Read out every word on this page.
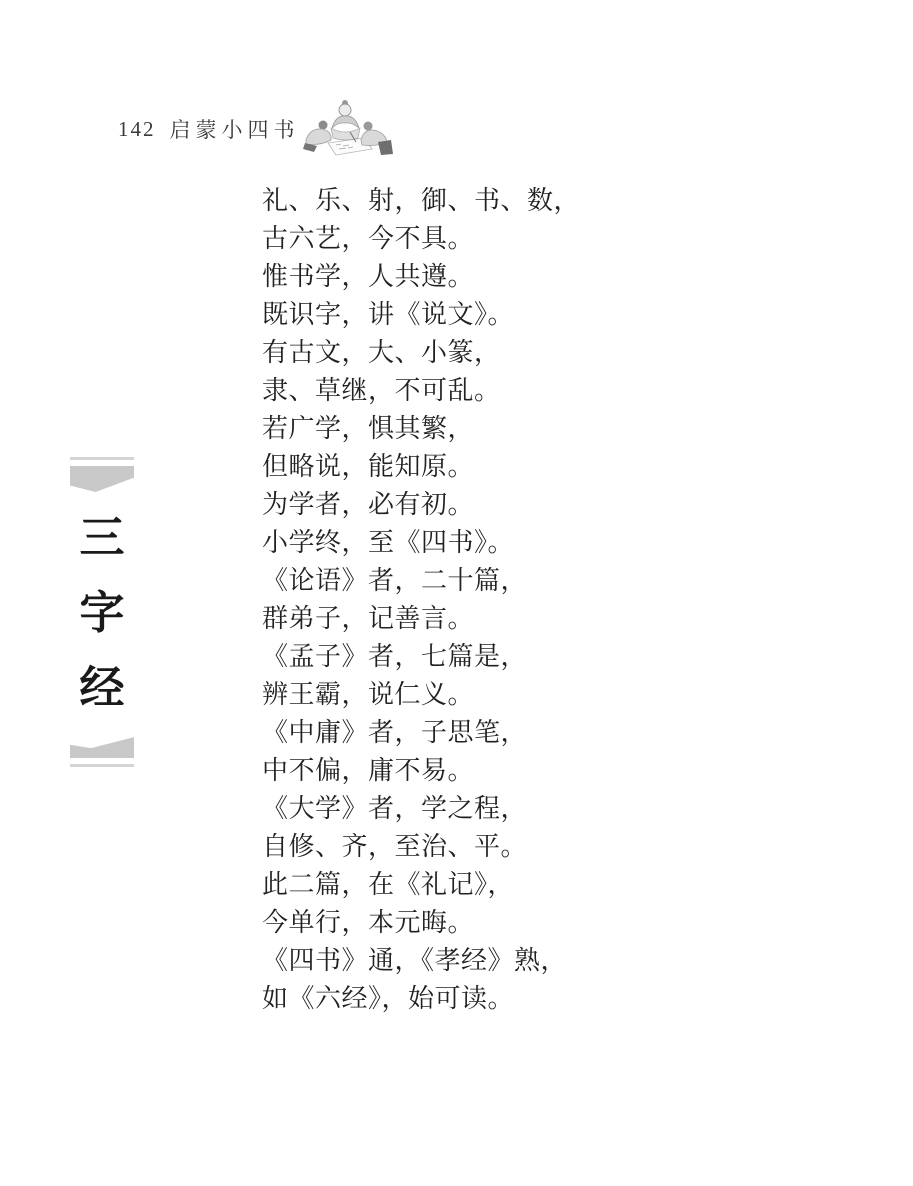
142 启蒙小四书
三
字
经
礼、乐、射，御、书、数，
古六艺，今不具。
惟书学，人共遵。
既识字，讲《说文》。
有古文，大、小篆，
隶、草继，不可乱。
若广学，惧其繁，
但略说，能知原。
为学者，必有初。
小学终，至《四书》。
《论语》者，二十篇，
群弟子，记善言。
《孟子》者，七篇是，
辨王霸，说仁义。
《中庸》者，子思笔，
中不偏，庸不易。
《大学》者，学之程，
自修、齐，至治、平。
此二篇，在《礼记》，
今单行，本元晦。
《四书》通，《孝经》熟，
如《六经》，始可读。
